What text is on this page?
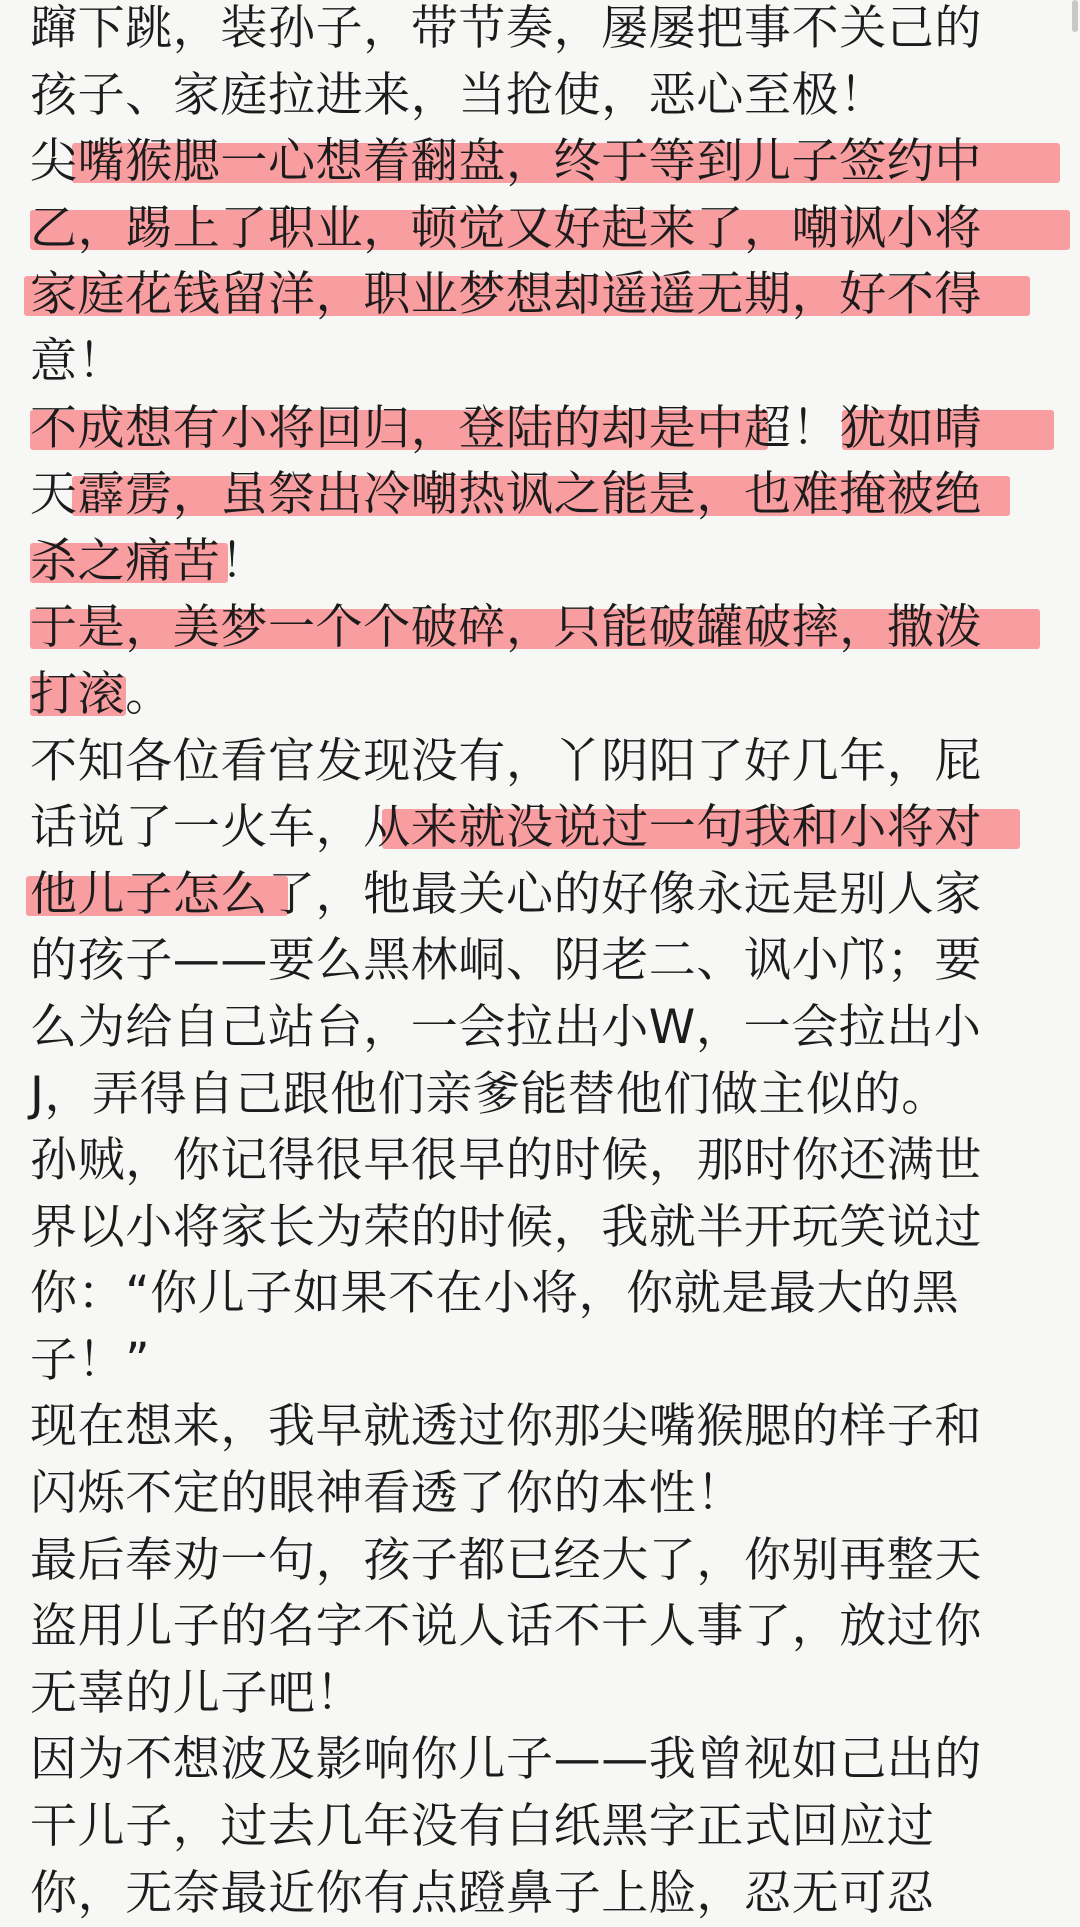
蹿下跳，装孙子，带节奏，屡屡把事不关己的
孩子、家庭拉进来，当抢使，恶心至极！
尖嘴猴腮一心想着翻盘，终于等到儿子签约中
乙，踢上了职业，顿觉又好起来了，嘲讽小将
家庭花钱留洋，职业梦想却遥遥无期，好不得
意！
不成想有小将回归，登陆的却是中超！犹如晴
天霹雳，虽祭出冷嘲热讽之能是，也难掩被绝
杀之痛苦！
于是，美梦一个个破碎，只能破罐破摔，撒泼
打滚。
不知各位看官发现没有，丫阴阳了好几年，屁
话说了一火车，从来就没说过一句我和小将对
他儿子怎么了，牠最关心的好像永远是别人家
的孩子——要么黑林峒、阴老二、讽小邝；要
么为给自己站台，一会拉出小W，一会拉出小
J，弄得自己跟他们亲爹能替他们做主似的。
孙贼，你记得很早很早的时候，那时你还满世
界以小将家长为荣的时候，我就半开玩笑说过
你：“你儿子如果不在小将，你就是最大的黑
子！”
现在想来，我早就透过你那尖嘴猴腮的样子和
闪烁不定的眼神看透了你的本性！
最后奉劝一句，孩子都已经大了，你别再整天
盗用儿子的名字不说人话不干人事了，放过你
无辜的儿子吧！
因为不想波及影响你儿子——我曾视如己出的
干儿子，过去几年没有白纸黑字正式回应过
你，无奈最近你有点蹬鼻子上脸，忍无可忍
